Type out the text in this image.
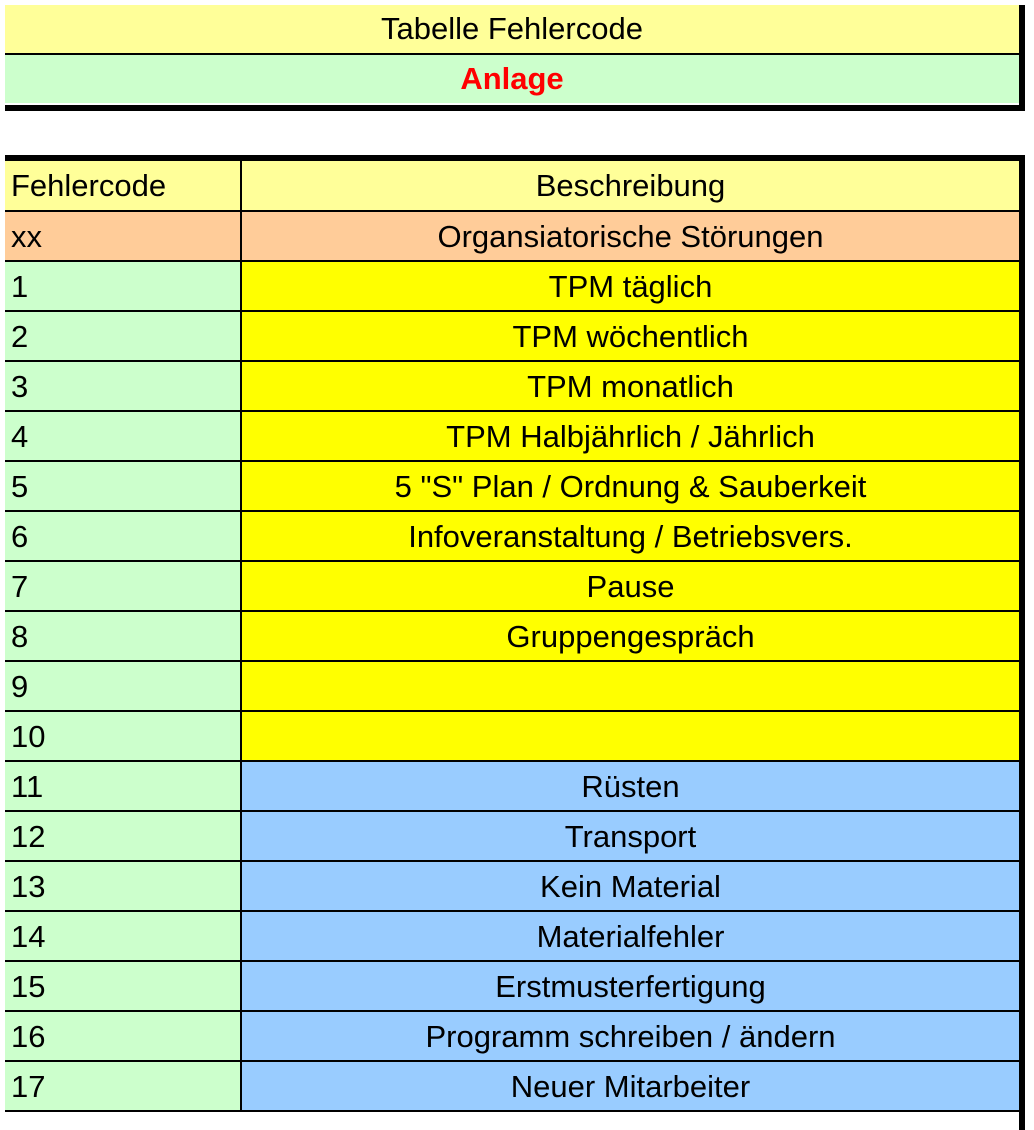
Tabelle Fehlercode
Anlage
Fehlercode	Beschreibung
xx	Organsiatorische Störungen
1	TPM täglich
2	TPM wöchentlich
3	TPM monatlich
4	TPM Halbjährlich / Jährlich
5	5 "S" Plan / Ordnung & Sauberkeit
6	Infoveranstaltung / Betriebsvers.
7	Pause
8	Gruppengespräch
9	
10	
11	Rüsten
12	Transport
13	Kein Material
14	Materialfehler
15	Erstmusterfertigung
16	Programm schreiben / ändern
17	Neuer Mitarbeiter
